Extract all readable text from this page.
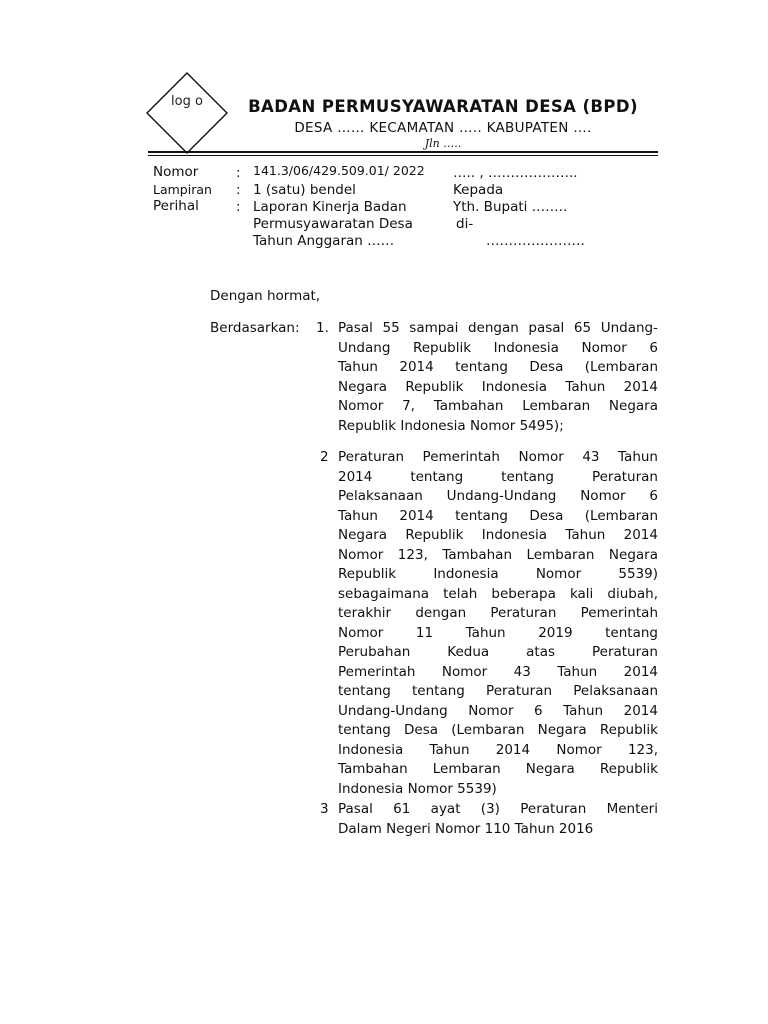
log o	BADAN PERMUSYAWARATAN DESA (BPD)
DESA …… KECAMATAN ….. KABUPATEN ….
Jln …..
Nomor
Lampiran
Perihal
:
:
:
141.3/06/429.509.01/ 2022
1 (satu) bendel
Laporan Kinerja Badan
Permusyawaratan Desa
Tahun Anggaran ……
….. , ………………..
Kepada
Yth. Bupati ……..
di-
………………….
Dengan hormat,
Berdasarkan: 1. Pasal 55 sampai dengan pasal 65 Undang-
Undang Republik Indonesia Nomor 6
Tahun 2014 tentang Desa (Lembaran
Negara Republik Indonesia Tahun 2014
Nomor 7, Tambahan Lembaran Negara
Republik Indonesia Nomor 5495);
2 Peraturan Pemerintah Nomor 43 Tahun
2014 tentang tentang Peraturan
Pelaksanaan Undang-Undang Nomor 6
Tahun 2014 tentang Desa (Lembaran
Negara Republik Indonesia Tahun 2014
Nomor 123, Tambahan Lembaran Negara
Republik Indonesia Nomor 5539)
sebagaimana telah beberapa kali diubah,
terakhir dengan Peraturan Pemerintah
Nomor 11 Tahun 2019 tentang
Perubahan Kedua atas Peraturan
Pemerintah Nomor 43 Tahun 2014
tentang tentang Peraturan Pelaksanaan
Undang-Undang Nomor 6 Tahun 2014
tentang Desa (Lembaran Negara Republik
Indonesia Tahun 2014 Nomor 123,
Tambahan Lembaran Negara Republik
Indonesia Nomor 5539)
3 Pasal 61 ayat (3) Peraturan Menteri
Dalam Negeri Nomor 110 Tahun 2016
